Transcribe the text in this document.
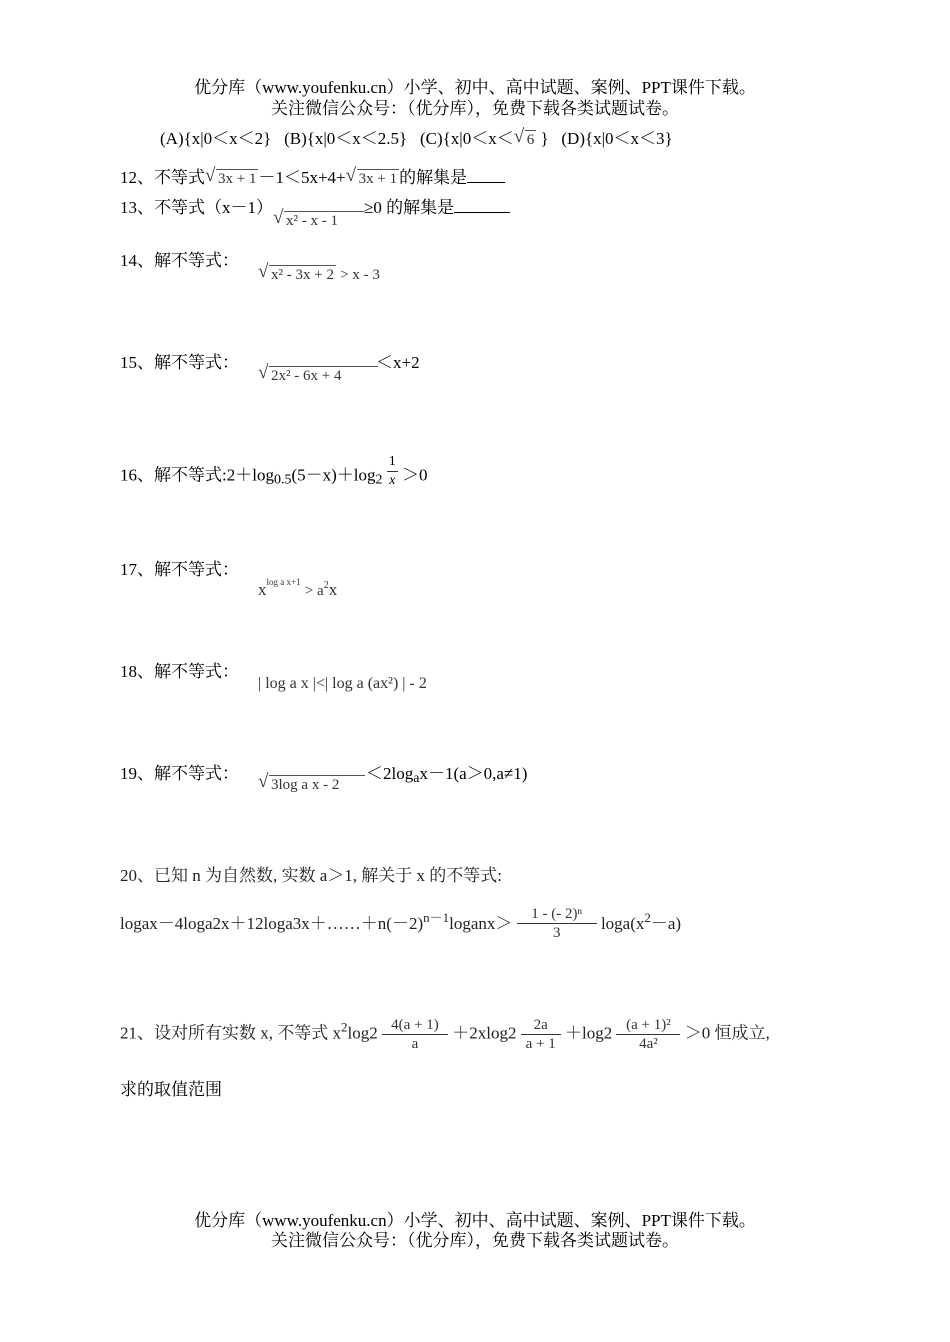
优分库（www.youfenku.cn）小学、初中、高中试题、案例、PPT课件下载。
关注微信公众号：（优分库），免费下载各类试题试卷。
(A){x|0＜x＜2} (B){x|0＜x＜2.5} (C){x|0＜x＜ √ 6 } (D){x|0＜x＜3}
12、不等式 √ 3x + 1 －1＜5x+4+ √ 3x + 1 的解集是
13、不等式（x－1） √ x² - x - 1≥0 的解集是
14、解不等式：
√ x² - 3x + 2 > x - 3
15、解不等式： √ 2x² - 6x + 4
＜x+2
16、解不等式$:2+\log_{0.5}(5-x)+\log_2 \frac{1}{x} >0$
17、解不等式：
$x^{log a x+1} > a^2x$
18、解不等式：
| log a x |<| log a (ax²) | - 2
19、解不等式： √ 3log a x - 2
$<2\log_ax-1(a>0,a\ne 1)$
20、已知 n 为自然数, 实数 a＞1, 解关于 x 的不等式:
$logax-4\log a2x+12\log a3x+\dots\dots+n(-2)^{n-1}loganx> \frac{\text{1 - (- 2)ⁿ}}{3} \log a(x^2-a)$
21、设对所有实数 x, 不等式 $x^2\log 2 \frac{4(a + 1)}{a} +2xlog2 \frac{2a}{a + 1} +\log 2 \frac{\text{(a + 1)²}}{\text{4a²}} >0$ 恒成立,
求的取值范围
优分库（www.youfenku.cn）小学、初中、高中试题、案例、PPT课件下载。
关注微信公众号：（优分库），免费下载各类试题试卷。
